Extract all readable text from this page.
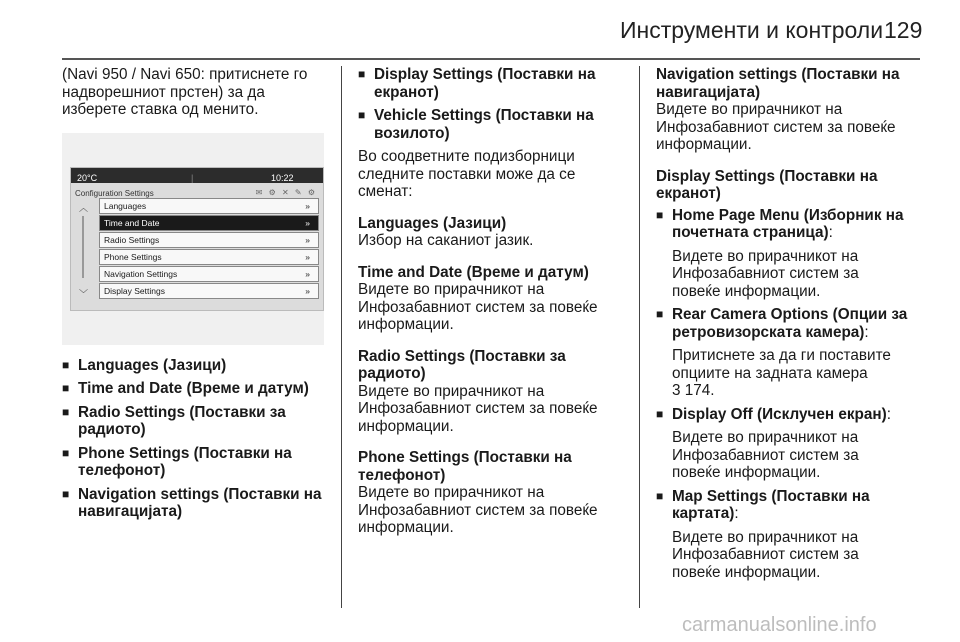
Инструменти и контроли 129

(Navi 950 / Navi 650: притиснете го
надворешниот прстен) за да
изберете ставка од менито.

20°C	|	10:22
Configuration Settings	✉ ⚙ ✕ ✎ ⚙
︿
﹀
Languages	»
Time and Date	»
Radio Settings	»
Phone Settings	»
Navigation Settings	»
Display Settings	»
■ Languages (Јазици)
■ Time and Date (Време и датум)
■ Radio Settings (Поставки за
радиото)
■ Phone Settings (Поставки на
телефонот)
■ Navigation settings (Поставки на
навигацијата)
■ Display Settings (Поставки на
екранот)
■ Vehicle Settings (Поставки на
возилото)

Во соодветните подизборници
следните поставки може да се
сменат:

Languages (Јазици)

Избор на саканиот јазик.

Time and Date (Време и датум)

Видете во прирачникот на
Инфозабавниот систем за повеќе
информации.

Radio Settings (Поставки за
радиото)

Видете во прирачникот на
Инфозабавниот систем за повеќе
информации.

Phone Settings (Поставки на
телефонот)

Видете во прирачникот на
Инфозабавниот систем за повеќе
информации.

Navigation settings (Поставки на
навигацијата)

Видете во прирачникот на
Инфозабавниот систем за повеќе
информации.

Display Settings (Поставки на
екранот)
■ Home Page Menu (Изборник на
почетната страница):
Видете во прирачникот на
Инфозабавниот систем за
повеќе информации.
■ Rear Camera Options (Опции за
ретровизорската камера):
Притиснете за да ги поставите
опциите на задната камера
3 174.
■ Display Off (Исклучен екран):
Видете во прирачникот на
Инфозабавниот систем за
повеќе информации.
■ Map Settings (Поставки на
картата):
Видете во прирачникот на
Инфозабавниот систем за
повеќе информации.
carmanualsonline.info
